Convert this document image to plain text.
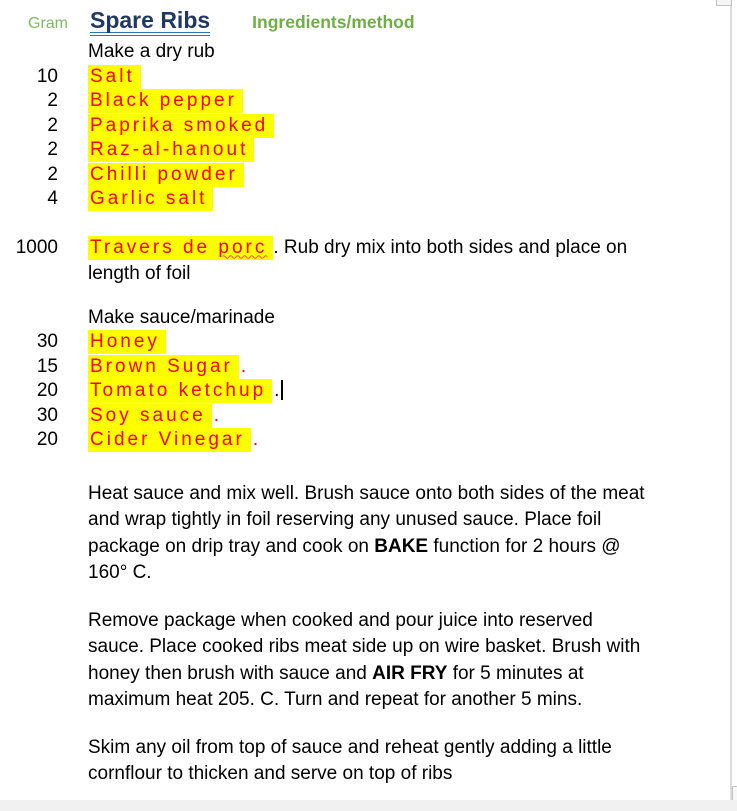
Gram Spare Ribs Ingredients/method
Make a dry rub
10 Salt
2 Black pepper
2 Paprika smoked
2 Raz-al-hanout
2 Chilli powder
4 Garlic salt
1000 Travers de porc . Rub dry mix into both sides and place on
length of foil
Make sauce/marinade
30 Honey
15 Brown Sugar .
20 Tomato ketchup .
30 Soy sauce .
20 Cider Vinegar .
Heat sauce and mix well. Brush sauce onto both sides of the meat
and wrap tightly in foil reserving any unused sauce. Place foil
package on drip tray and cook on BAKE function for 2 hours @
160° C.
Remove package when cooked and pour juice into reserved
sauce. Place cooked ribs meat side up on wire basket. Brush with
honey then brush with sauce and AIR FRY for 5 minutes at
maximum heat 205. C. Turn and repeat for another 5 mins.
Skim any oil from top of sauce and reheat gently adding a little
cornflour to thicken and serve on top of ribs
